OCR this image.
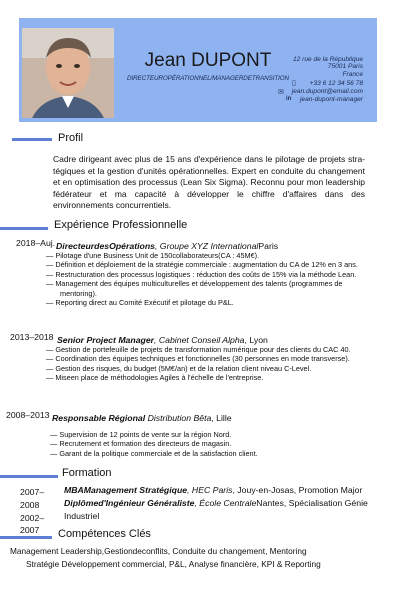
Jean DUPONT
DIRECTEUROPÉRATIONNEL/MANAGERDETRANSITION
12 rue de la République
75001 Paris
France
+33 6 12 34 56 78
jean.dupont@email.com
jean-dupont-manager
▯
✉
in
Profil
Cadre dirigeant avec plus de 15 ans d'expérience dans le pilotage de projets stra- tégiques et la gestion d'unités opérationnelles. Expert en conduite du changement et en optimisation des processus (Lean Six Sigma). Reconnu pour mon leadership fédérateur et ma capacité à développer le chiffre d'affaires dans des environnements concurrentiels.
Expérience Professionnelle
2018–Auj. DirecteurdesOpérations, Groupe XYZ InternationalParis
— Pilotage d'une Business Unit de 150collaborateurs(CA : 45M€).
— Définition et déploiement de la stratégie commerciale : augmentation du CA de 12% en 3 ans.
— Restructuration des processus logistiques : réduction des coûts de 15% via la méthode Lean.
— Management des équipes multiculturelles et développement des talents (programmes de mentoring).
— Reporting direct au Comité Exécutif et pilotage du P&L.
2013–2018 Senior Project Manager, Cabinet Conseil Alpha, Lyon
— Gestion de portefeuille de projets de transformation numérique pour des clients du CAC 40.
— Coordination des équipes techniques et fonctionnelles (30 personnes en mode transverse).
— Gestion des risques, du budget (5M€/an) et de la relation client niveau C-Level.
— Miseen place de méthodologies Agiles à l'échelle de l'entreprise.
2008–2013 Responsable Régional Distribution Bêta, Lille
— Supervision de 12 points de vente sur la région Nord.
— Recrutement et formation des directeurs de magasin.
— Garant de la politique commerciale et de la satisfaction client.
Formation
2007– MBAManagement Stratégique, HEC Paris, Jouy-en-Josas, Promotion Major
2008	Diplômed'Ingénieur Généraliste, École CentraleNantes, Spécialisation Génie
2002– Industriel
2007 Compétences Clés
Management Leadership,Gestiondeconflits, Conduite du changement, Mentoring
Stratégie Développement commercial, P&L, Analyse financière, KPI & Reporting
